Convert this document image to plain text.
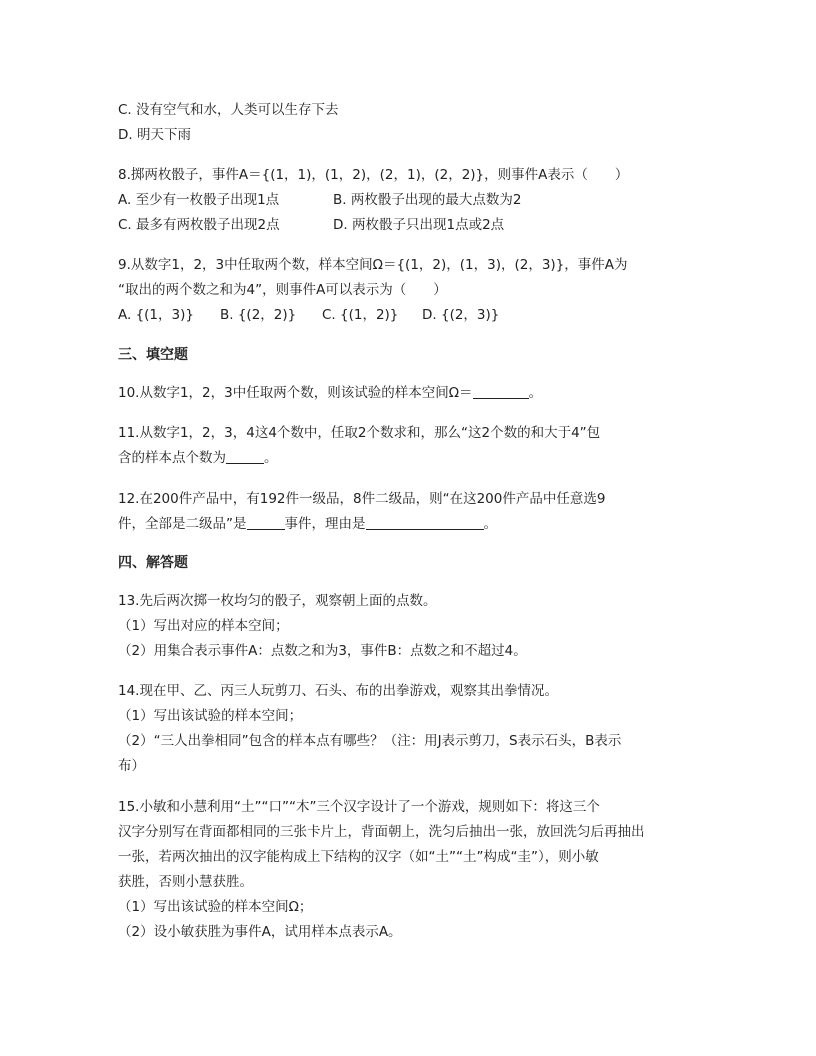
C. 没有空气和水，人类可以生存下去
D. 明天下雨
8.掷两枚骰子，事件A＝{(1，1)，(1，2)，(2，1)，(2，2)}，则事件A表示（　　）
A. 至少有一枚骰子出现1点	B. 两枚骰子出现的最大点数为2
C. 最多有两枚骰子出现2点	D. 两枚骰子只出现1点或2点
9.从数字1，2，3中任取两个数，样本空间Ω＝{(1，2)，(1，3)，(2，3)}，事件A为
“取出的两个数之和为4”，则事件A可以表示为（　　）
A. {(1，3)} B. {(2，2)} C. {(1，2)} D. {(2，3)}
三、填空题
10.从数字1，2，3中任取两个数，则该试验的样本空间Ω＝	。
11.从数字1，2，3，4这4个数中，任取2个数求和，那么“这2个数的和大于4”包
含的样本点个数为	。
12.在200件产品中，有192件一级品，8件二级品，则“在这200件产品中任意选9
件，全部是二级品”是	事件，理由是	。
四、解答题
13.先后两次掷一枚均匀的骰子，观察朝上面的点数。
（1）写出对应的样本空间；
（2）用集合表示事件A：点数之和为3，事件B：点数之和不超过4。
14.现在甲、乙、丙三人玩剪刀、石头、布的出拳游戏，观察其出拳情况。
（1）写出该试验的样本空间；
（2）“三人出拳相同”包含的样本点有哪些？（注：用J表示剪刀，S表示石头，B表示
布）
15.小敏和小慧利用“土”“口”“木”三个汉字设计了一个游戏，规则如下：将这三个
汉字分别写在背面都相同的三张卡片上，背面朝上，洗匀后抽出一张，放回洗匀后再抽出
一张，若两次抽出的汉字能构成上下结构的汉字（如“土”“土”构成“圭”），则小敏
获胜，否则小慧获胜。
（1）写出该试验的样本空间Ω；
（2）设小敏获胜为事件A，试用样本点表示A。
